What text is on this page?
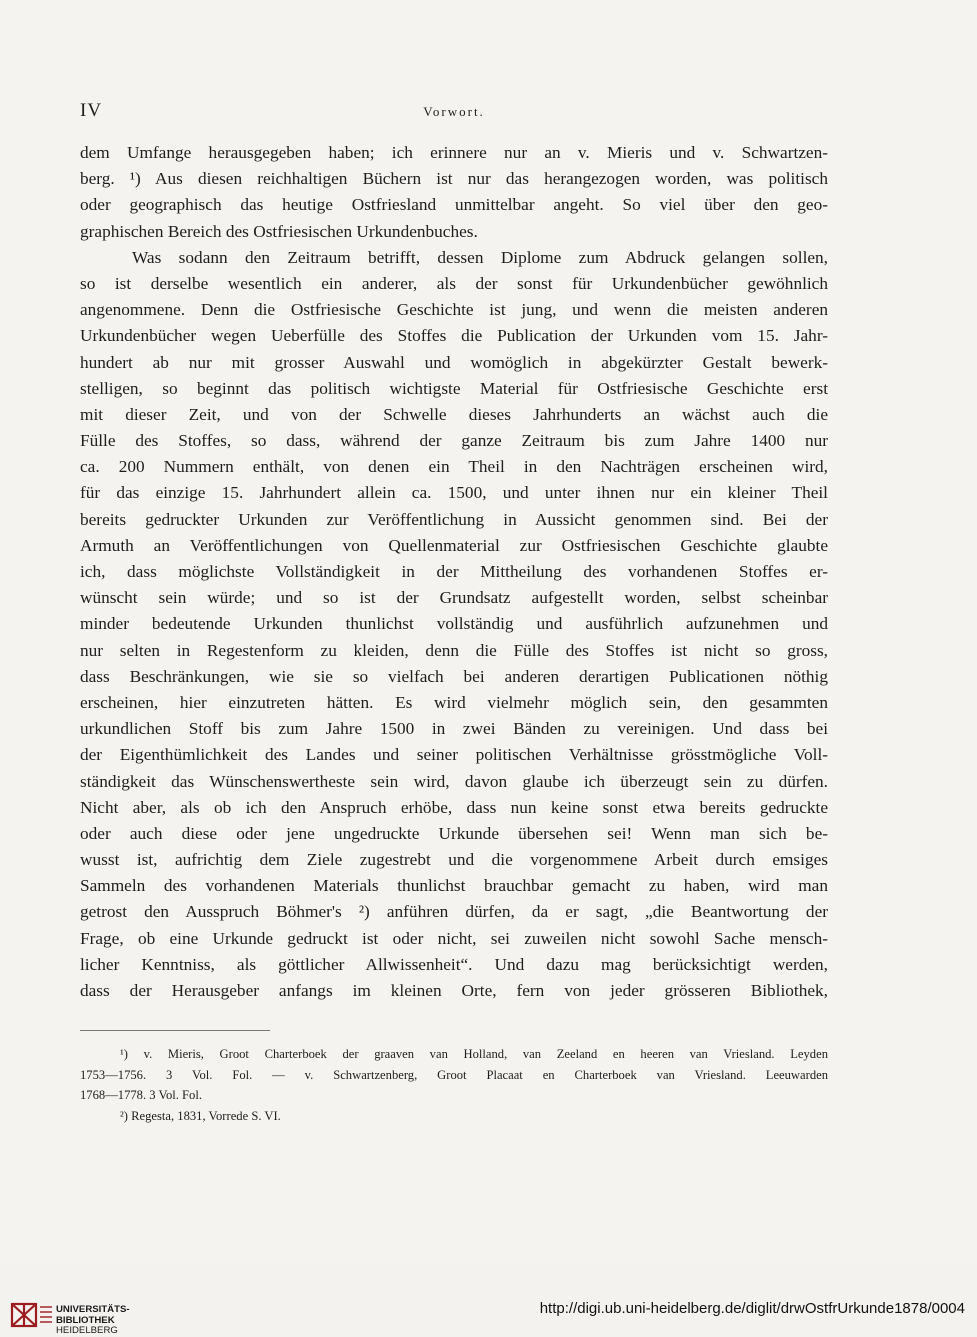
IV	Vorwort.
dem Umfange herausgegeben haben; ich erinnere nur an v. Mieris und v. Schwartzen-
berg. ¹) Aus diesen reichhaltigen Büchern ist nur das herangezogen worden, was politisch
oder geographisch das heutige Ostfriesland unmittelbar angeht. So viel über den geo-
graphischen Bereich des Ostfriesischen Urkundenbuches.
Was sodann den Zeitraum betrifft, dessen Diplome zum Abdruck gelangen sollen,
so ist derselbe wesentlich ein anderer, als der sonst für Urkundenbücher gewöhnlich
angenommene. Denn die Ostfriesische Geschichte ist jung, und wenn die meisten anderen
Urkundenbücher wegen Ueberfülle des Stoffes die Publication der Urkunden vom 15. Jahr-
hundert ab nur mit grosser Auswahl und womöglich in abgekürzter Gestalt bewerk-
stelligen, so beginnt das politisch wichtigste Material für Ostfriesische Geschichte erst
mit dieser Zeit, und von der Schwelle dieses Jahrhunderts an wächst auch die
Fülle des Stoffes, so dass, während der ganze Zeitraum bis zum Jahre 1400 nur
ca. 200 Nummern enthält, von denen ein Theil in den Nachträgen erscheinen wird,
für das einzige 15. Jahrhundert allein ca. 1500, und unter ihnen nur ein kleiner Theil
bereits gedruckter Urkunden zur Veröffentlichung in Aussicht genommen sind. Bei der
Armuth an Veröffentlichungen von Quellenmaterial zur Ostfriesischen Geschichte glaubte
ich, dass möglichste Vollständigkeit in der Mittheilung des vorhandenen Stoffes er-
wünscht sein würde; und so ist der Grundsatz aufgestellt worden, selbst scheinbar
minder bedeutende Urkunden thunlichst vollständig und ausführlich aufzunehmen und
nur selten in Regestenform zu kleiden, denn die Fülle des Stoffes ist nicht so gross,
dass Beschränkungen, wie sie so vielfach bei anderen derartigen Publicationen nöthig
erscheinen, hier einzutreten hätten. Es wird vielmehr möglich sein, den gesammten
urkundlichen Stoff bis zum Jahre 1500 in zwei Bänden zu vereinigen. Und dass bei
der Eigenthümlichkeit des Landes und seiner politischen Verhältnisse grösstmögliche Voll-
ständigkeit das Wünschenswertheste sein wird, davon glaube ich überzeugt sein zu dürfen.
Nicht aber, als ob ich den Anspruch erhöbe, dass nun keine sonst etwa bereits gedruckte
oder auch diese oder jene ungedruckte Urkunde übersehen sei! Wenn man sich be-
wusst ist, aufrichtig dem Ziele zugestrebt und die vorgenommene Arbeit durch emsiges
Sammeln des vorhandenen Materials thunlichst brauchbar gemacht zu haben, wird man
getrost den Ausspruch Böhmer's ²) anführen dürfen, da er sagt, „die Beantwortung der
Frage, ob eine Urkunde gedruckt ist oder nicht, sei zuweilen nicht sowohl Sache mensch-
licher Kenntniss, als göttlicher Allwissenheit“. Und dazu mag berücksichtigt werden,
dass der Herausgeber anfangs im kleinen Orte, fern von jeder grösseren Bibliothek,
¹) v. Mieris, Groot Charterboek der graaven van Holland, van Zeeland en heeren van Vriesland. Leyden
1753—1756. 3 Vol. Fol. — v. Schwartzenberg, Groot Placaat en Charterboek van Vriesland. Leeuwarden
1768—1778. 3 Vol. Fol.
²) Regesta, 1831, Vorrede S. VI.
UNIVERSITÄTS-
BIBLIOTHEK
HEIDELBERG
http://digi.ub.uni-heidelberg.de/diglit/drwOstfrUrkunde1878/0004
